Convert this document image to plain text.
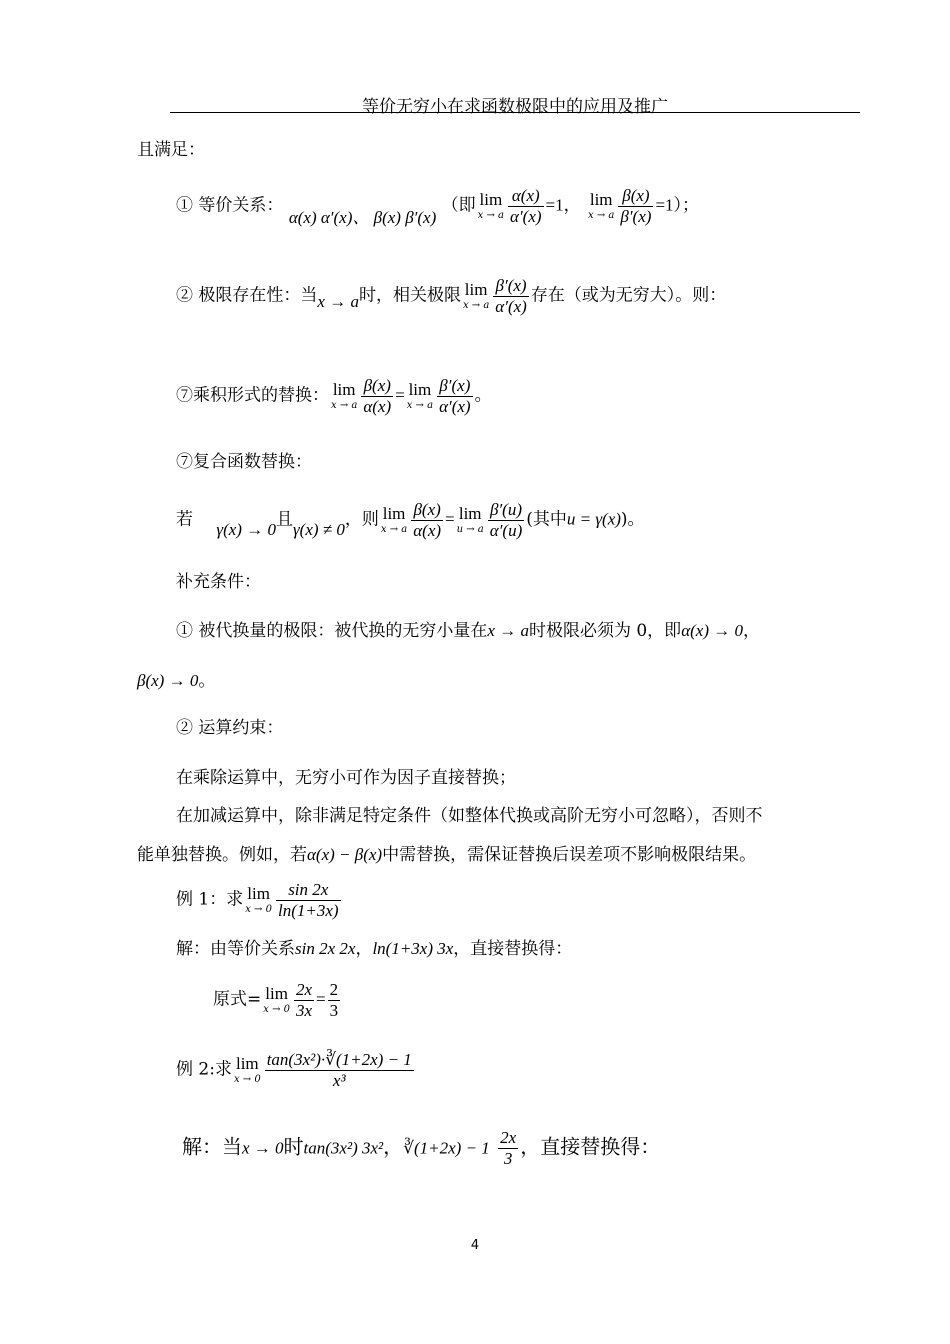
等价无穷小在求函数极限中的应用及推广
且满足：
① 等价关系： α(x) α′(x)、 β(x) β′(x) （即 lim
x → a $\frac{\alpha(x)}{\alpha'(x)} =1$， lim
x → a $\frac{\beta(x)}{\beta'(x)} =1$）；
② 极限存在性：当x → a时，相关极限 lim
x → a $\frac{\beta'(x)}{\alpha'(x)}$ 存在（或为无穷大）。则：
⑦乘积形式的替换： lim
x → a $\frac{\beta(x)}{\alpha(x)} = \lim$
x → a $\frac{\beta'(x)}{\alpha'(x)}$ 。
⑦复合函数替换：
若 γ(x) → 0且γ(x) ≠ 0，则 lim
x → a $\frac{\beta(x)}{\alpha(x)} = \lim$
u → a $\frac{\beta'(u)}{\alpha'(u)}$ (其中u = γ(x))。
补充条件：
① 被代换量的极限：被代换的无穷小量在x → a时极限必须为 0，即α(x) → 0，
β(x) → 0。
② 运算约束：
在乘除运算中，无穷小可作为因子直接替换；
在加减运算中，除非满足特定条件（如整体代换或高阶无穷小可忽略），否则不
能单独替换。例如，若α(x) − β(x)中需替换，需保证替换后误差项不影响极限结果。
例 1：求 lim
$x \to 0 \frac{\sin 2x}{\ln(1+3x)}$
解：由等价关系sin 2x 2x，ln(1+3x) 3x，直接替换得：
原式= lim
$x \to 0 \frac{2x}{3x} = \frac{2}{3}$
例 2:求 lim
$x \to 0 \frac{\text{tan(3x²)·∛(1+2x) − 1}}{\text{x³}}$
解：当x → 0时tan(3x²) 3x²，∛(1+2x) − $1 \frac{2x}{3}$ ，直接替换得：
4
